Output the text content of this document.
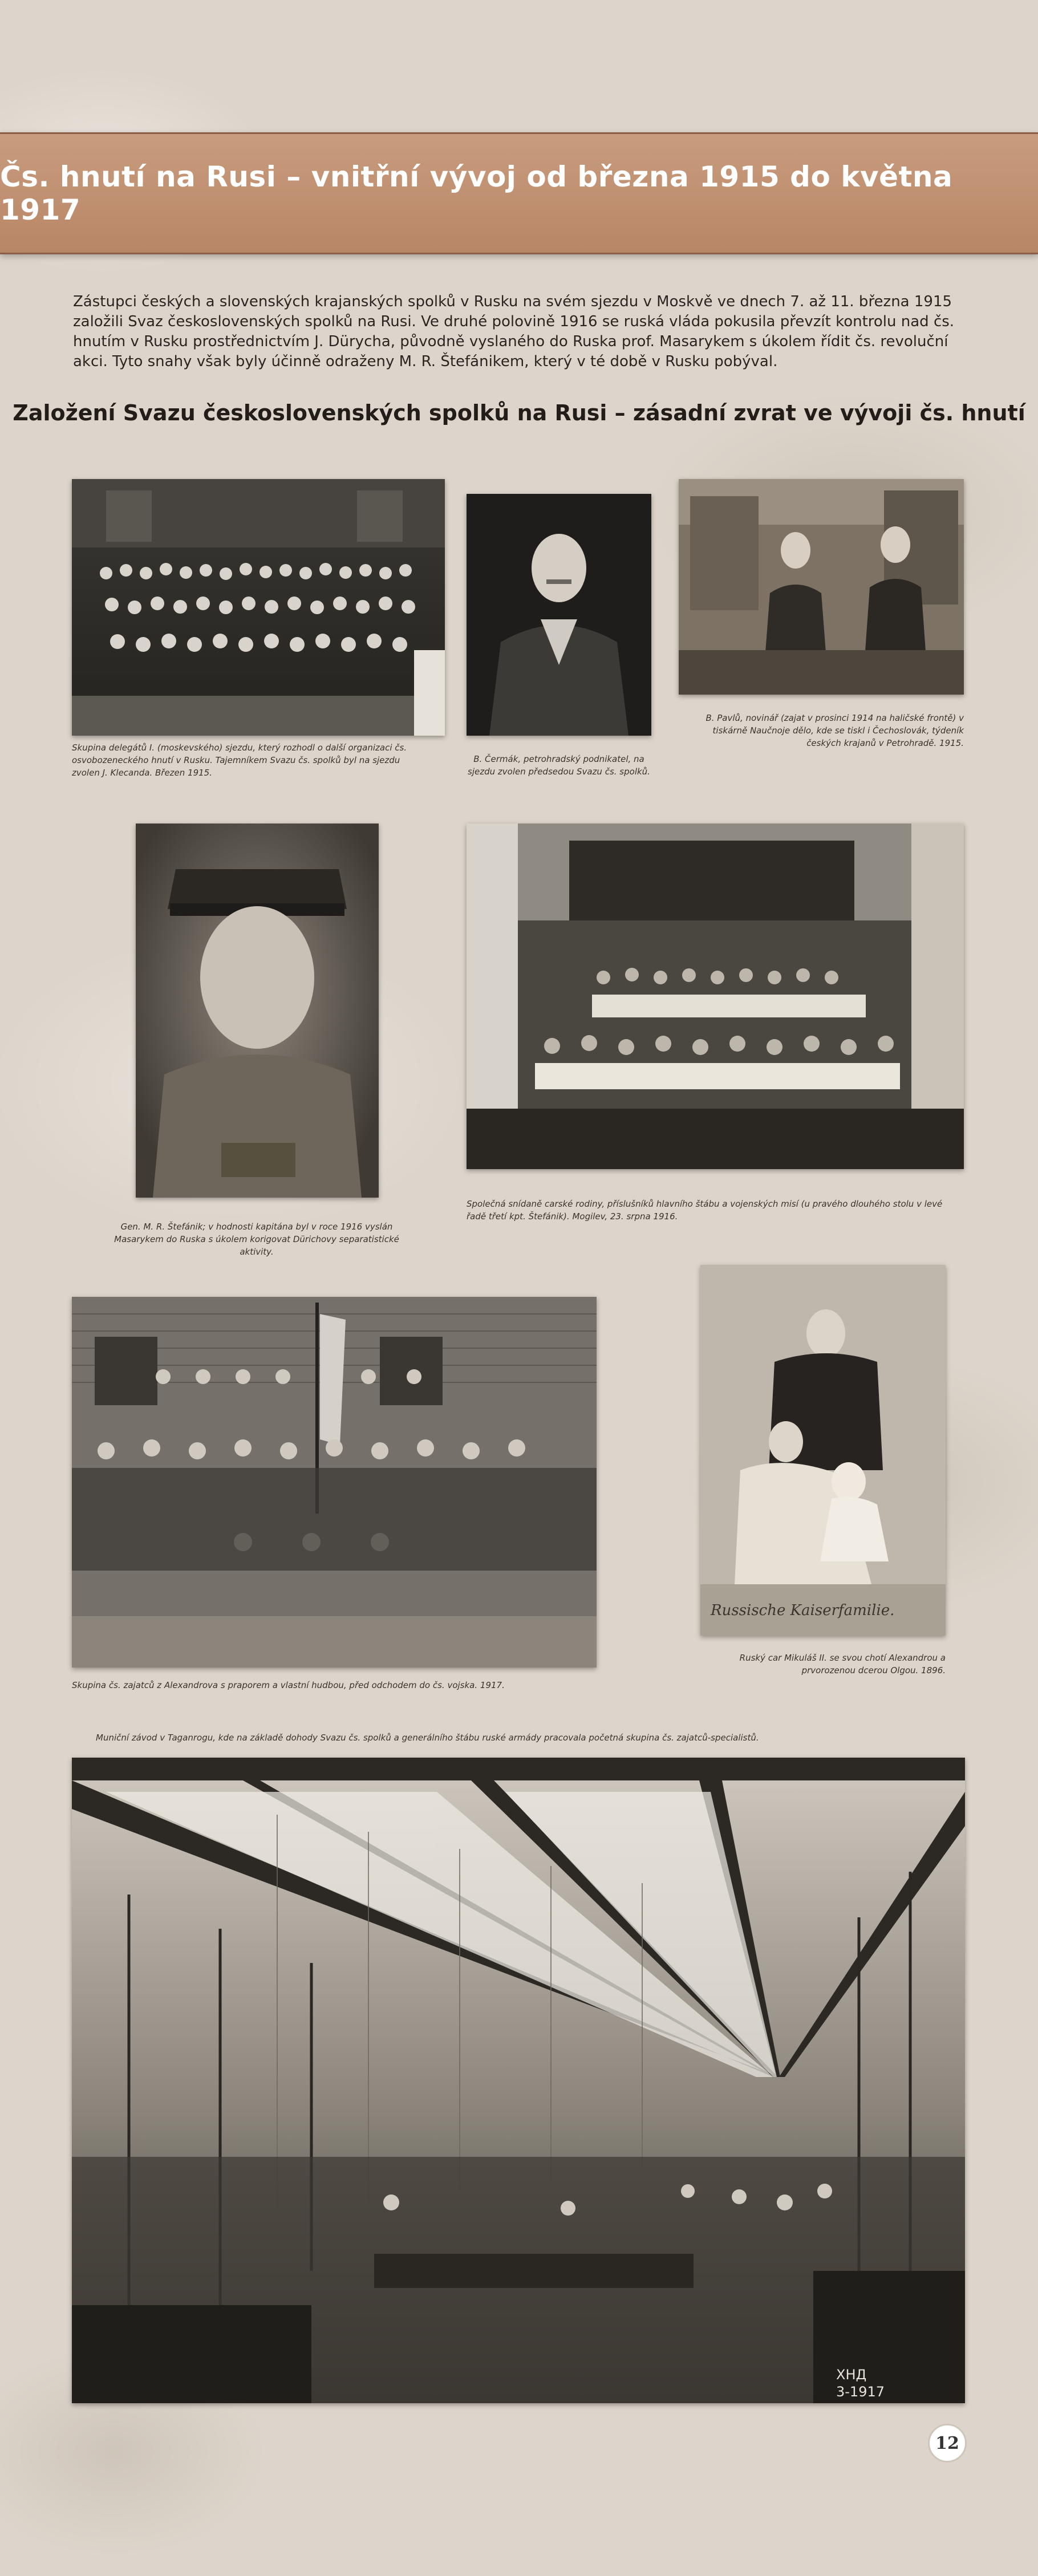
Čs. hnutí na Rusi – vnitřní vývoj od března 1915 do května 1917

Zástupci českých a slovenských krajanských spolků v Rusku na svém sjezdu v Moskvě ve dnech 7. až 11. března 1915 založili Svaz československých spolků na Rusi. Ve druhé polovině 1916 se ruská vláda pokusila převzít kontrolu nad čs. hnutím v Rusku prostřednictvím J. Dürycha, původně vyslaného do Ruska prof. Masarykem s úkolem řídit čs. revoluční akci. Tyto snahy však byly účinně odraženy M. R. Štefánikem, který v té době v Rusku pobýval.

Založení Svazu československých spolků na Rusi – zásadní zvrat ve vývoji čs. hnutí

Skupina delegátů I. (moskevského) sjezdu, který rozhodl o další organizaci čs. osvobozeneckého hnutí v Rusku. Tajemníkem Svazu čs. spolků byl na sjezdu zvolen J. Klecanda. Březen 1915.

B. Čermák, petrohradský podnikatel, na sjezdu zvolen předsedou Svazu čs. spolků.

B. Pavlů, novinář (zajat v prosinci 1914 na haličské frontě) v tiskárně Naučnoje dělo, kde se tiskl i Čechoslovák, týdeník českých krajanů v Petrohradě. 1915.

Gen. M. R. Štefánik; v hodnosti kapitána byl v roce 1916 vyslán Masarykem do Ruska s úkolem korigovat Dürichovy separatistické aktivity.

Společná snídaně carské rodiny, příslušníků hlavního štábu a vojenských misí (u pravého dlouhého stolu v levé řadě třetí kpt. Štefánik). Mogilev, 23. srpna 1916.

Skupina čs. zajatců z Alexandrova s praporem a vlastní hudbou, před odchodem do čs. vojska. 1917.

Russische Kaiserfamilie.

Ruský car Mikuláš II. se svou chotí Alexandrou a prvorozenou dcerou Olgou. 1896.

Muniční závod v Taganrogu, kde na základě dohody Svazu čs. spolků a generálního štábu ruské armády pracovala početná skupina čs. zajatců-specialistů.

ХНД
3-1917
12
